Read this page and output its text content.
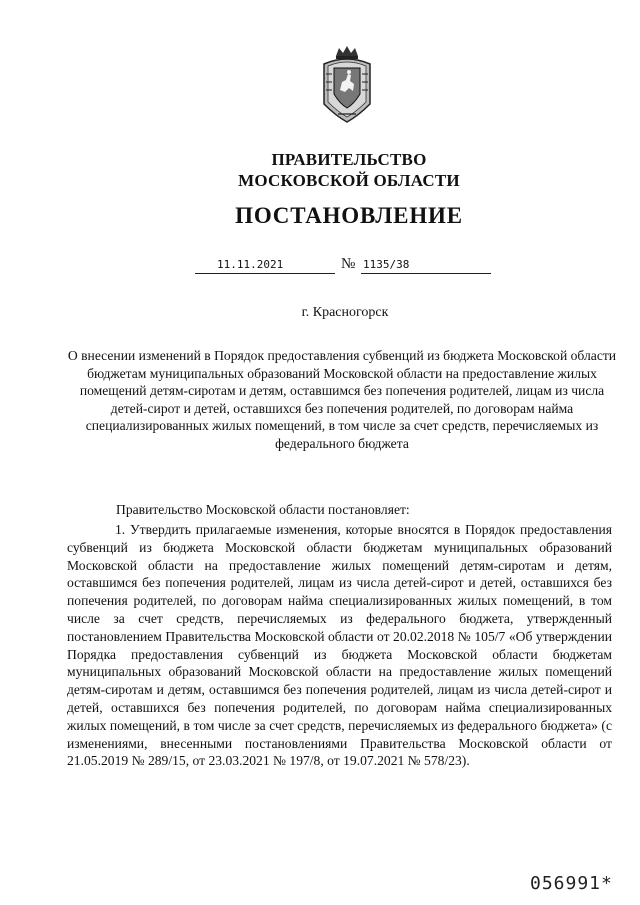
ПРАВИТЕЛЬСТВО
МОСКОВСКОЙ ОБЛАСТИ
ПОСТАНОВЛЕНИЕ
11.11.2021	№ 1135/38
г. Красногорск

О внесении изменений в Порядок предоставления субвенций из бюджета Московской области бюджетам муниципальных образований Московской области на предоставление жилых помещений детям-сиротам и детям, оставшимся без попечения родителей, лицам из числа детей-сирот и детей, оставшихся без попечения родителей, по договорам найма специализированных жилых помещений, в том числе за счет средств, перечисляемых из федерального бюджета

Правительство Московской области постановляет:

1. Утвердить прилагаемые изменения, которые вносятся в Порядок предоставления субвенций из бюджета Московской области бюджетам муниципальных образований Московской области на предоставление жилых помещений детям-сиротам и детям, оставшимся без попечения родителей, лицам из числа детей-сирот и детей, оставшихся без попечения родителей, по договорам найма специализированных жилых помещений, в том числе за счет средств, перечисляемых из федерального бюджета, утвержденный постановлением Правительства Московской области от 20.02.2018 № 105/7 «Об утверждении Порядка предоставления субвенций из бюджета Московской области бюджетам муниципальных образований Московской области на предоставление жилых помещений детям-сиротам и детям, оставшимся без попечения родителей, лицам из числа детей-сирот и детей, оставшихся без попечения родителей, по договорам найма специализированных жилых помещений, в том числе за счет средств, перечисляемых из федерального бюджета» (с изменениями, внесенными постановлениями Правительства Московской области от 21.05.2019 № 289/15, от 23.03.2021 № 197/8, от 19.07.2021 № 578/23).

056991*
